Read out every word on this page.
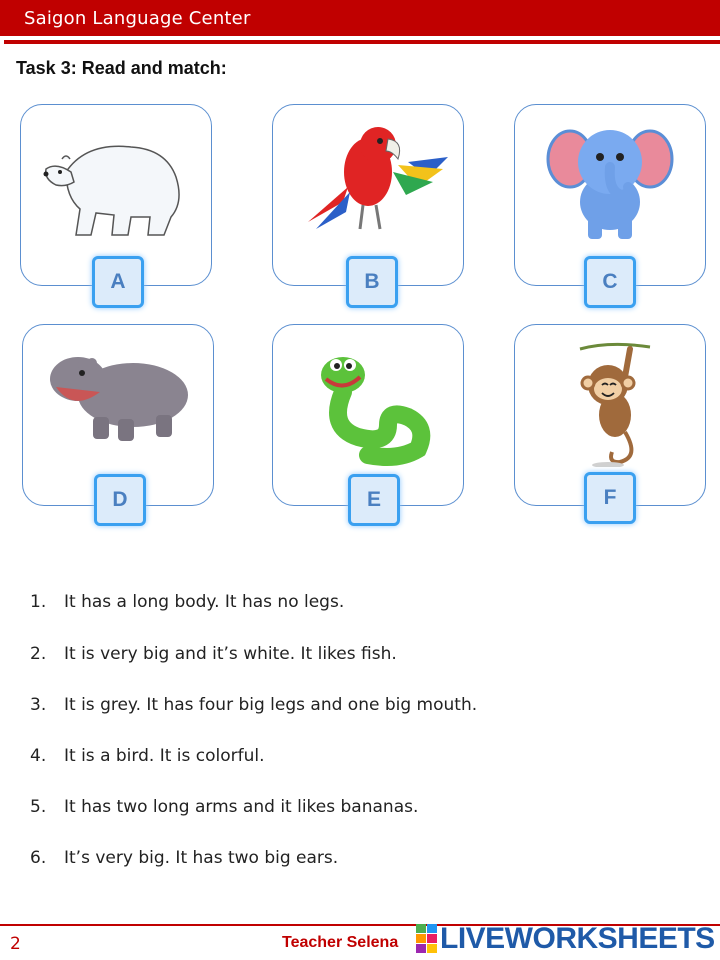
Saigon Language Center
Task 3: Read and match:
A	B	C
D	E	F
1. It has a long body. It has no legs.
2. It is very big and it’s white. It likes fish.
3. It is grey. It has four big legs and one big mouth.
4. It is a bird. It is colorful.
5. It has two long arms and it likes bananas.
6. It’s very big. It has two big ears.
2	Teacher Selena LIVEWORKSHEETS
